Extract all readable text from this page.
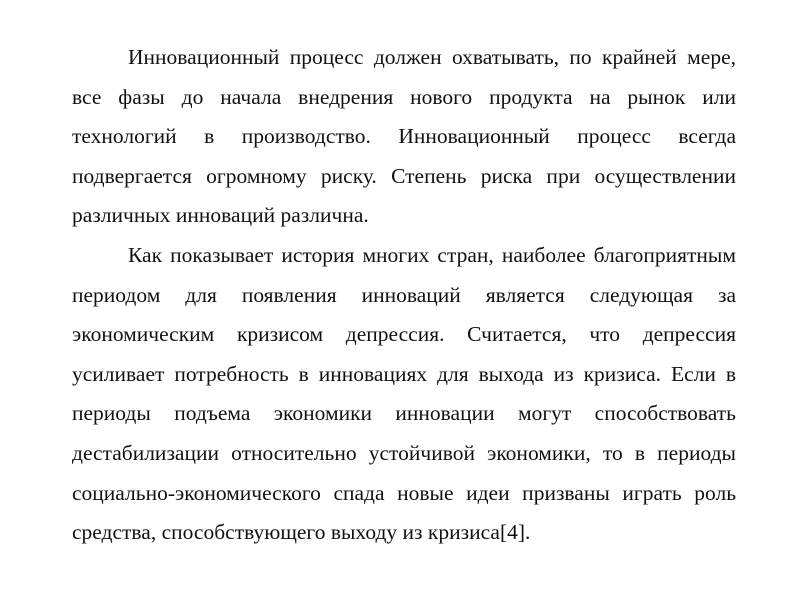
Инновационный процесс должен охватывать, по крайней мере, все фазы до начала внедрения нового продукта на рынок или технологий в производство. Инновационный процесс всегда подвергается огромному риску. Степень риска при осуществлении различных инноваций различна.

Как показывает история многих стран, наиболее благоприятным периодом для появления инноваций является следующая за экономическим кризисом депрессия. Считается, что депрессия усиливает потребность в инновациях для выхода из кризиса. Если в периоды подъема экономики инновации могут способствовать дестабилизации относительно устойчивой экономики, то в периоды социально-экономического спада новые идеи призваны играть роль средства, способствующего выходу из кризиса[4].
